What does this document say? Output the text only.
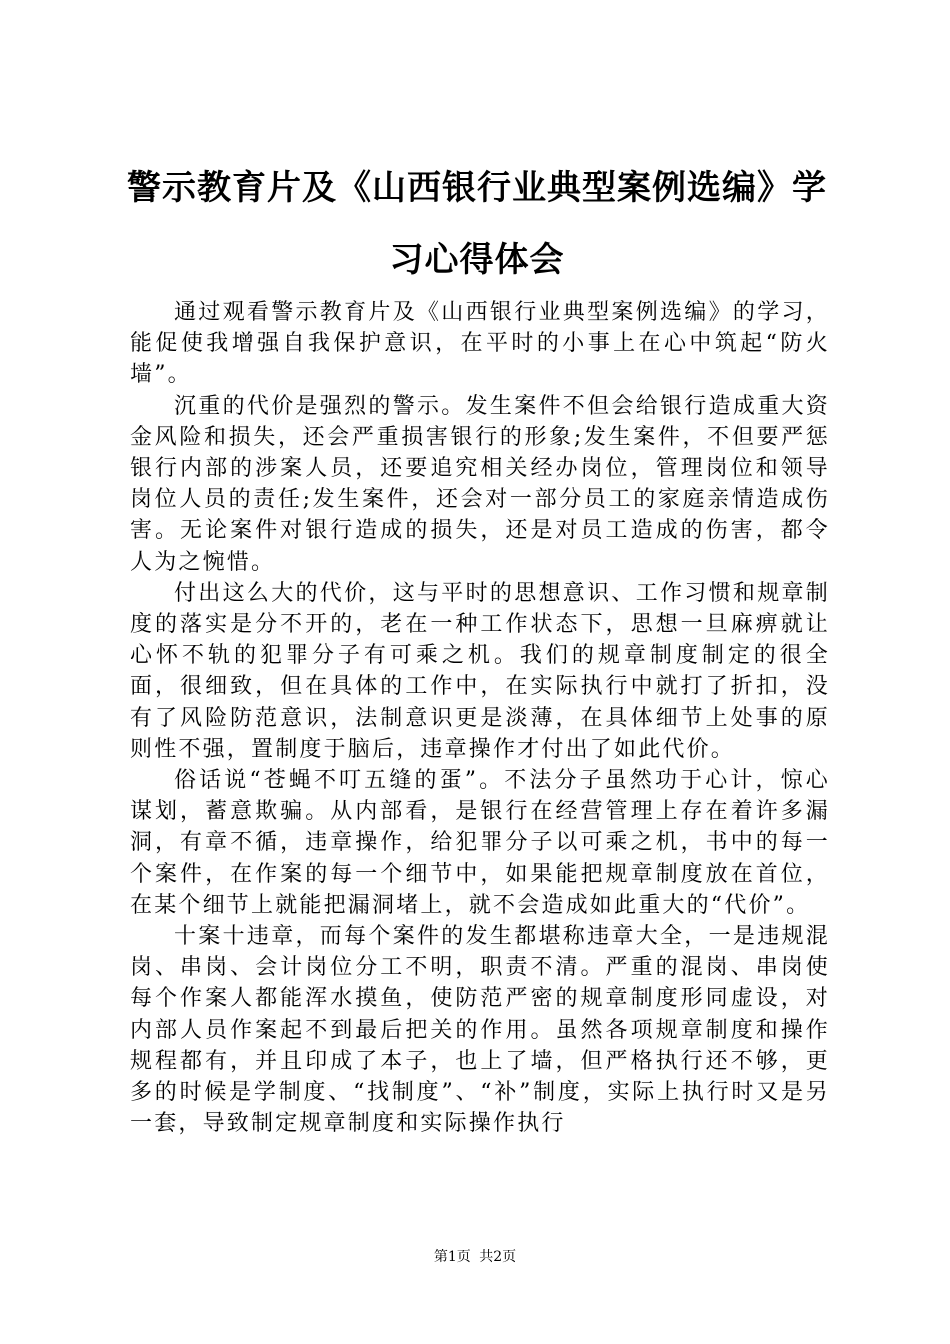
警示教育片及《山西银行业典型案例选编》学习心得体会

通过观看警示教育片及《山西银行业典型案例选编》的学习，能促使我增强自我保护意识，在平时的小事上在心中筑起“防火墙”。

沉重的代价是强烈的警示。发生案件不但会给银行造成重大资金风险和损失，还会严重损害银行的形象;发生案件，不但要严惩银行内部的涉案人员，还要追究相关经办岗位，管理岗位和领导岗位人员的责任;发生案件，还会对一部分员工的家庭亲情造成伤害。无论案件对银行造成的损失，还是对员工造成的伤害，都令人为之惋惜。

付出这么大的代价，这与平时的思想意识、工作习惯和规章制度的落实是分不开的，老在一种工作状态下，思想一旦麻痹就让心怀不轨的犯罪分子有可乘之机。我们的规章制度制定的很全面，很细致，但在具体的工作中，在实际执行中就打了折扣，没有了风险防范意识，法制意识更是淡薄，在具体细节上处事的原则性不强，置制度于脑后，违章操作才付出了如此代价。

俗话说“苍蝇不叮五缝的蛋”。不法分子虽然功于心计，惊心谋划，蓄意欺骗。从内部看，是银行在经营管理上存在着许多漏洞，有章不循，违章操作，给犯罪分子以可乘之机，书中的每一个案件，在作案的每一个细节中，如果能把规章制度放在首位，在某个细节上就能把漏洞堵上，就不会造成如此重大的“代价”。

十案十违章，而每个案件的发生都堪称违章大全，一是违规混岗、串岗、会计岗位分工不明，职责不清。严重的混岗、串岗使每个作案人都能浑水摸鱼，使防范严密的规章制度形同虚设，对内部人员作案起不到最后把关的作用。虽然各项规章制度和操作规程都有，并且印成了本子，也上了墙，但严格执行还不够，更多的时候是学制度、“找制度”、“补”制度，实际上执行时又是另一套，导致制定规章制度和实际操作执行

第1页 共2页
